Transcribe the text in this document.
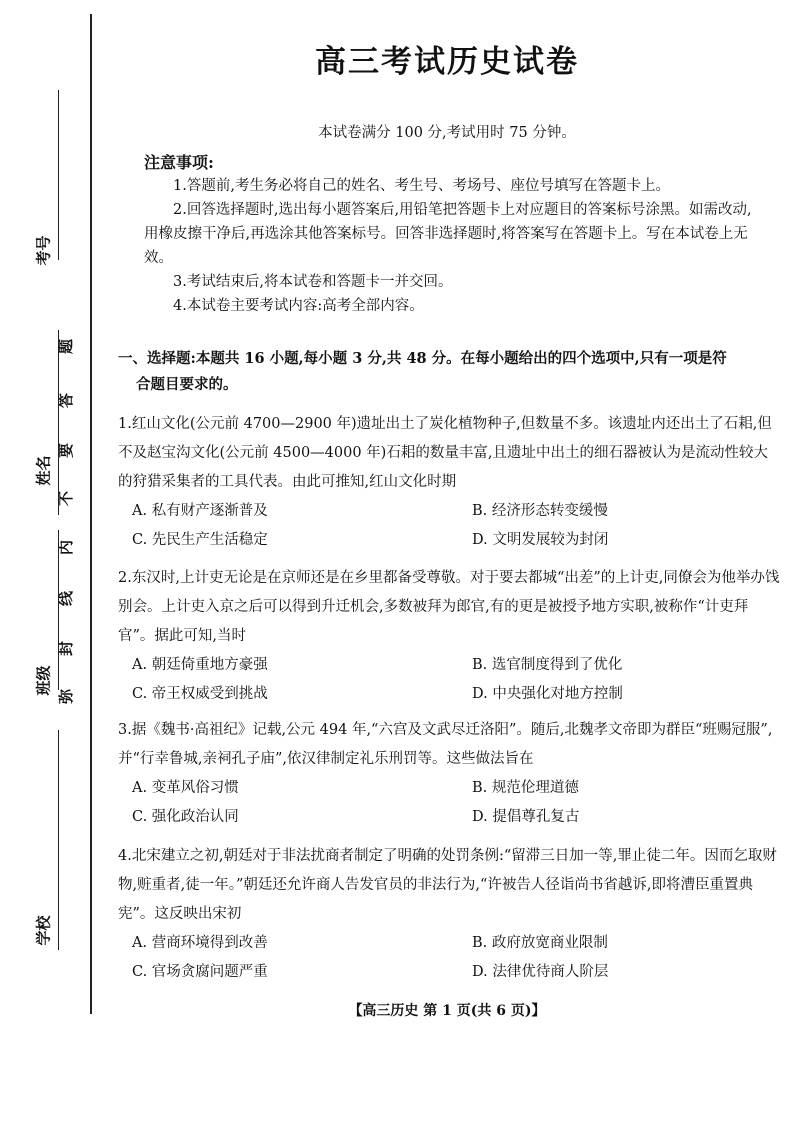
考号
姓名
班级
学校
题
答
要
不
内
线
封
弥
高三考试历史试卷
本试卷满分 100 分,考试用时 75 分钟。
注意事项:

1.答题前,考生务必将自己的姓名、考生号、考场号、座位号填写在答题卡上。

2.回答选择题时,选出每小题答案后,用铅笔把答题卡上对应题目的答案标号涂黑。如需改动,用橡皮擦干净后,再选涂其他答案标号。回答非选择题时,将答案写在答题卡上。写在本试卷上无效。

3.考试结束后,将本试卷和答题卡一并交回。

4.本试卷主要考试内容:高考全部内容。

一、选择题:本题共 16 小题,每小题 3 分,共 48 分。在每小题给出的四个选项中,只有一项是符
合题目要求的。

1.红山文化(公元前 4700—2900 年)遗址出土了炭化植物种子,但数量不多。该遗址内还出土了石耜,但不及赵宝沟文化(公元前 4500—4000 年)石耜的数量丰富,且遗址中出土的细石器被认为是流动性较大的狩猎采集者的工具代表。由此可推知,红山文化时期

A. 私有财产逐渐普及	B. 经济形态转变缓慢
C. 先民生产生活稳定	D. 文明发展较为封闭

2.东汉时,上计吏无论是在京师还是在乡里都备受尊敬。对于要去都城“出差”的上计吏,同僚会为他举办饯别会。上计吏入京之后可以得到升迁机会,多数被拜为郎官,有的更是被授予地方实职,被称作“计吏拜官”。据此可知,当时

A. 朝廷倚重地方豪强	B. 选官制度得到了优化
C. 帝王权威受到挑战	D. 中央强化对地方控制

3.据《魏书·高祖纪》记载,公元 494 年,“六宫及文武尽迁洛阳”。随后,北魏孝文帝即为群臣“班赐冠服”,并“行幸鲁城,亲祠孔子庙”,依汉律制定礼乐刑罚等。这些做法旨在

A. 变革风俗习惯	B. 规范伦理道德
C. 强化政治认同	D. 提倡尊孔复古

4.北宋建立之初,朝廷对于非法扰商者制定了明确的处罚条例:“留滞三日加一等,罪止徒二年。因而乞取财物,赃重者,徒一年。”朝廷还允许商人告发官员的非法行为,“许被告人径诣尚书省越诉,即将漕臣重置典宪”。这反映出宋初

A. 营商环境得到改善	B. 政府放宽商业限制
C. 官场贪腐问题严重	D. 法律优待商人阶层
【高三历史 第 1 页(共 6 页)】
